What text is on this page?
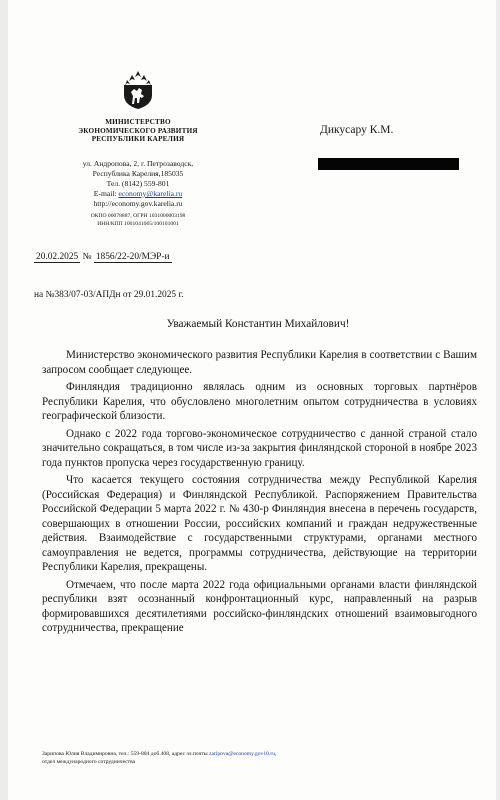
МИНИСТЕРСТВО
ЭКОНОМИЧЕСКОГО РАЗВИТИЯ
РЕСПУБЛИКИ КАРЕЛИЯ
ул. Андропова, 2, г. Петрозаводск,
Республика Карелия,185035
Тел. (8142) 559-801
E-mail: economy@karelia.ru
http://economy.gov.karelia.ru
ОКПО 00078887, ОГРН 1031000003198
ИНН/КПП 1001041065/100101001
Дикусару К.М.
20.02.2025 № 1856/22-20/МЭР-и
на №383/07-03/АПДн от 29.01.2025 г.
Уважаемый Константин Михайлович!

Министерство экономического развития Республики Карелия в соответствии с Вашим запросом сообщает следующее.

Финляндия традиционно являлась одним из основных торговых партнёров Республики Карелия, что обусловлено многолетним опытом сотрудничества в условиях географической близости.

Однако с 2022 года торгово-экономическое сотрудничество с данной страной стало значительно сокращаться, в том числе из-за закрытия финляндской стороной в ноябре 2023 года пунктов пропуска через государственную границу.

Что касается текущего состояния сотрудничества между Республикой Карелия (Российская Федерация) и Финляндской Республикой. Распоряжением Правительства Российской Федерации 5 марта 2022 г. № 430-р Финляндия внесена в перечень государств, совершающих в отношении России, российских компаний и граждан недружественные действия. Взаимодействие с государственными структурами, органами местного самоуправления не ведется, программы сотрудничества, действующие на территории Республики Карелия, прекращены.

Отмечаем, что после марта 2022 года официальными органами власти финляндской республики взят осознанный конфронтационный курс, направленный на разрыв формировавшихся десятилетиями российско-финляндских отношений взаимовыгодного сотрудничества, прекращение

Зарипова Юлия Владимировна, тел.: 559-804 доб.408, адрес эл.почты zaripova@economy.gov10.ru,
отдел международного сотрудничества
